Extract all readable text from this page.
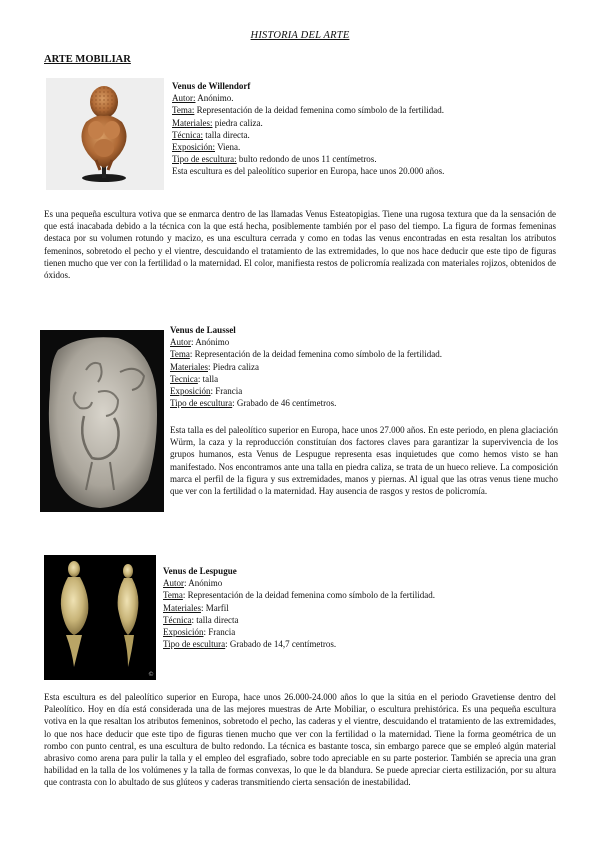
HISTORIA DEL ARTE
ARTE MOBILIAR
Venus de Willendorf
Autor: Anónimo.
Tema: Representación de la deidad femenina como símbolo de la fertilidad.
Materiales: piedra caliza.
Técnica: talla directa.
Exposición: Viena.
Tipo de escultura: bulto redondo de unos 11 centímetros.
Esta escultura es del paleolítico superior en Europa, hace unos 20.000 años.

Es una pequeña escultura votiva que se enmarca dentro de las llamadas Venus Esteatopigias. Tiene una rugosa textura que da la sensación de que está inacabada debido a la técnica con la que está hecha, posiblemente también por el paso del tiempo. La figura de formas femeninas destaca por su volumen rotundo y macizo, es una escultura cerrada y como en todas las venus encontradas en esta resaltan los atributos femeninos, sobretodo el pecho y el vientre, descuidando el tratamiento de las extremidades, lo que nos hace deducir que este tipo de figuras tienen mucho que ver con la fertilidad o la maternidad. El color, manifiesta restos de policromía realizada con materiales rojizos, obtenidos de óxidos.

Venus de Laussel
Autor: Anónimo
Tema: Representación de la deidad femenina como símbolo de la fertilidad.
Materiales: Piedra caliza
Tecnica: talla
Exposición: Francia
Tipo de escultura: Grabado de 46 centímetros.

Esta talla es del paleolítico superior en Europa, hace unos 27.000 años. En este periodo, en plena glaciación Würm, la caza y la reproducción constituían dos factores claves para garantizar la supervivencia de los grupos humanos, esta Venus de Lespugue representa esas inquietudes que como hemos visto se han manifestado. Nos encontramos ante una talla en piedra caliza, se trata de un hueco relieve. La composición marca el perfil de la figura y sus extremidades, manos y piernas. Al igual que las otras venus tiene mucho que ver con la fertilidad o la maternidad. Hay ausencia de rasgos y restos de policromía.

©
Venus de Lespugue
Autor: Anónimo
Tema: Representación de la deidad femenina como símbolo de la fertilidad.
Materiales: Marfil
Técnica: talla directa
Exposición: Francia
Tipo de escultura: Grabado de 14,7 centímetros.

Esta escultura es del paleolítico superior en Europa, hace unos 26.000-24.000 años lo que la sitúa en el periodo Gravetiense dentro del Paleolítico. Hoy en día está considerada una de las mejores muestras de Arte Mobiliar, o escultura prehistórica. Es una pequeña escultura votiva en la que resaltan los atributos femeninos, sobretodo el pecho, las caderas y el vientre, descuidando el tratamiento de las extremidades, lo que nos hace deducir que este tipo de figuras tienen mucho que ver con la fertilidad o la maternidad. Tiene la forma geométrica de un rombo con punto central, es una escultura de bulto redondo. La técnica es bastante tosca, sin embargo parece que se empleó algún material abrasivo como arena para pulir la talla y el empleo del esgrafiado, sobre todo apreciable en su parte posterior. También se aprecia una gran habilidad en la talla de los volúmenes y la talla de formas convexas, lo que le da blandura. Se puede apreciar cierta estilización, por su altura que contrasta con lo abultado de sus glúteos y caderas transmitiendo cierta sensación de inestabilidad.
